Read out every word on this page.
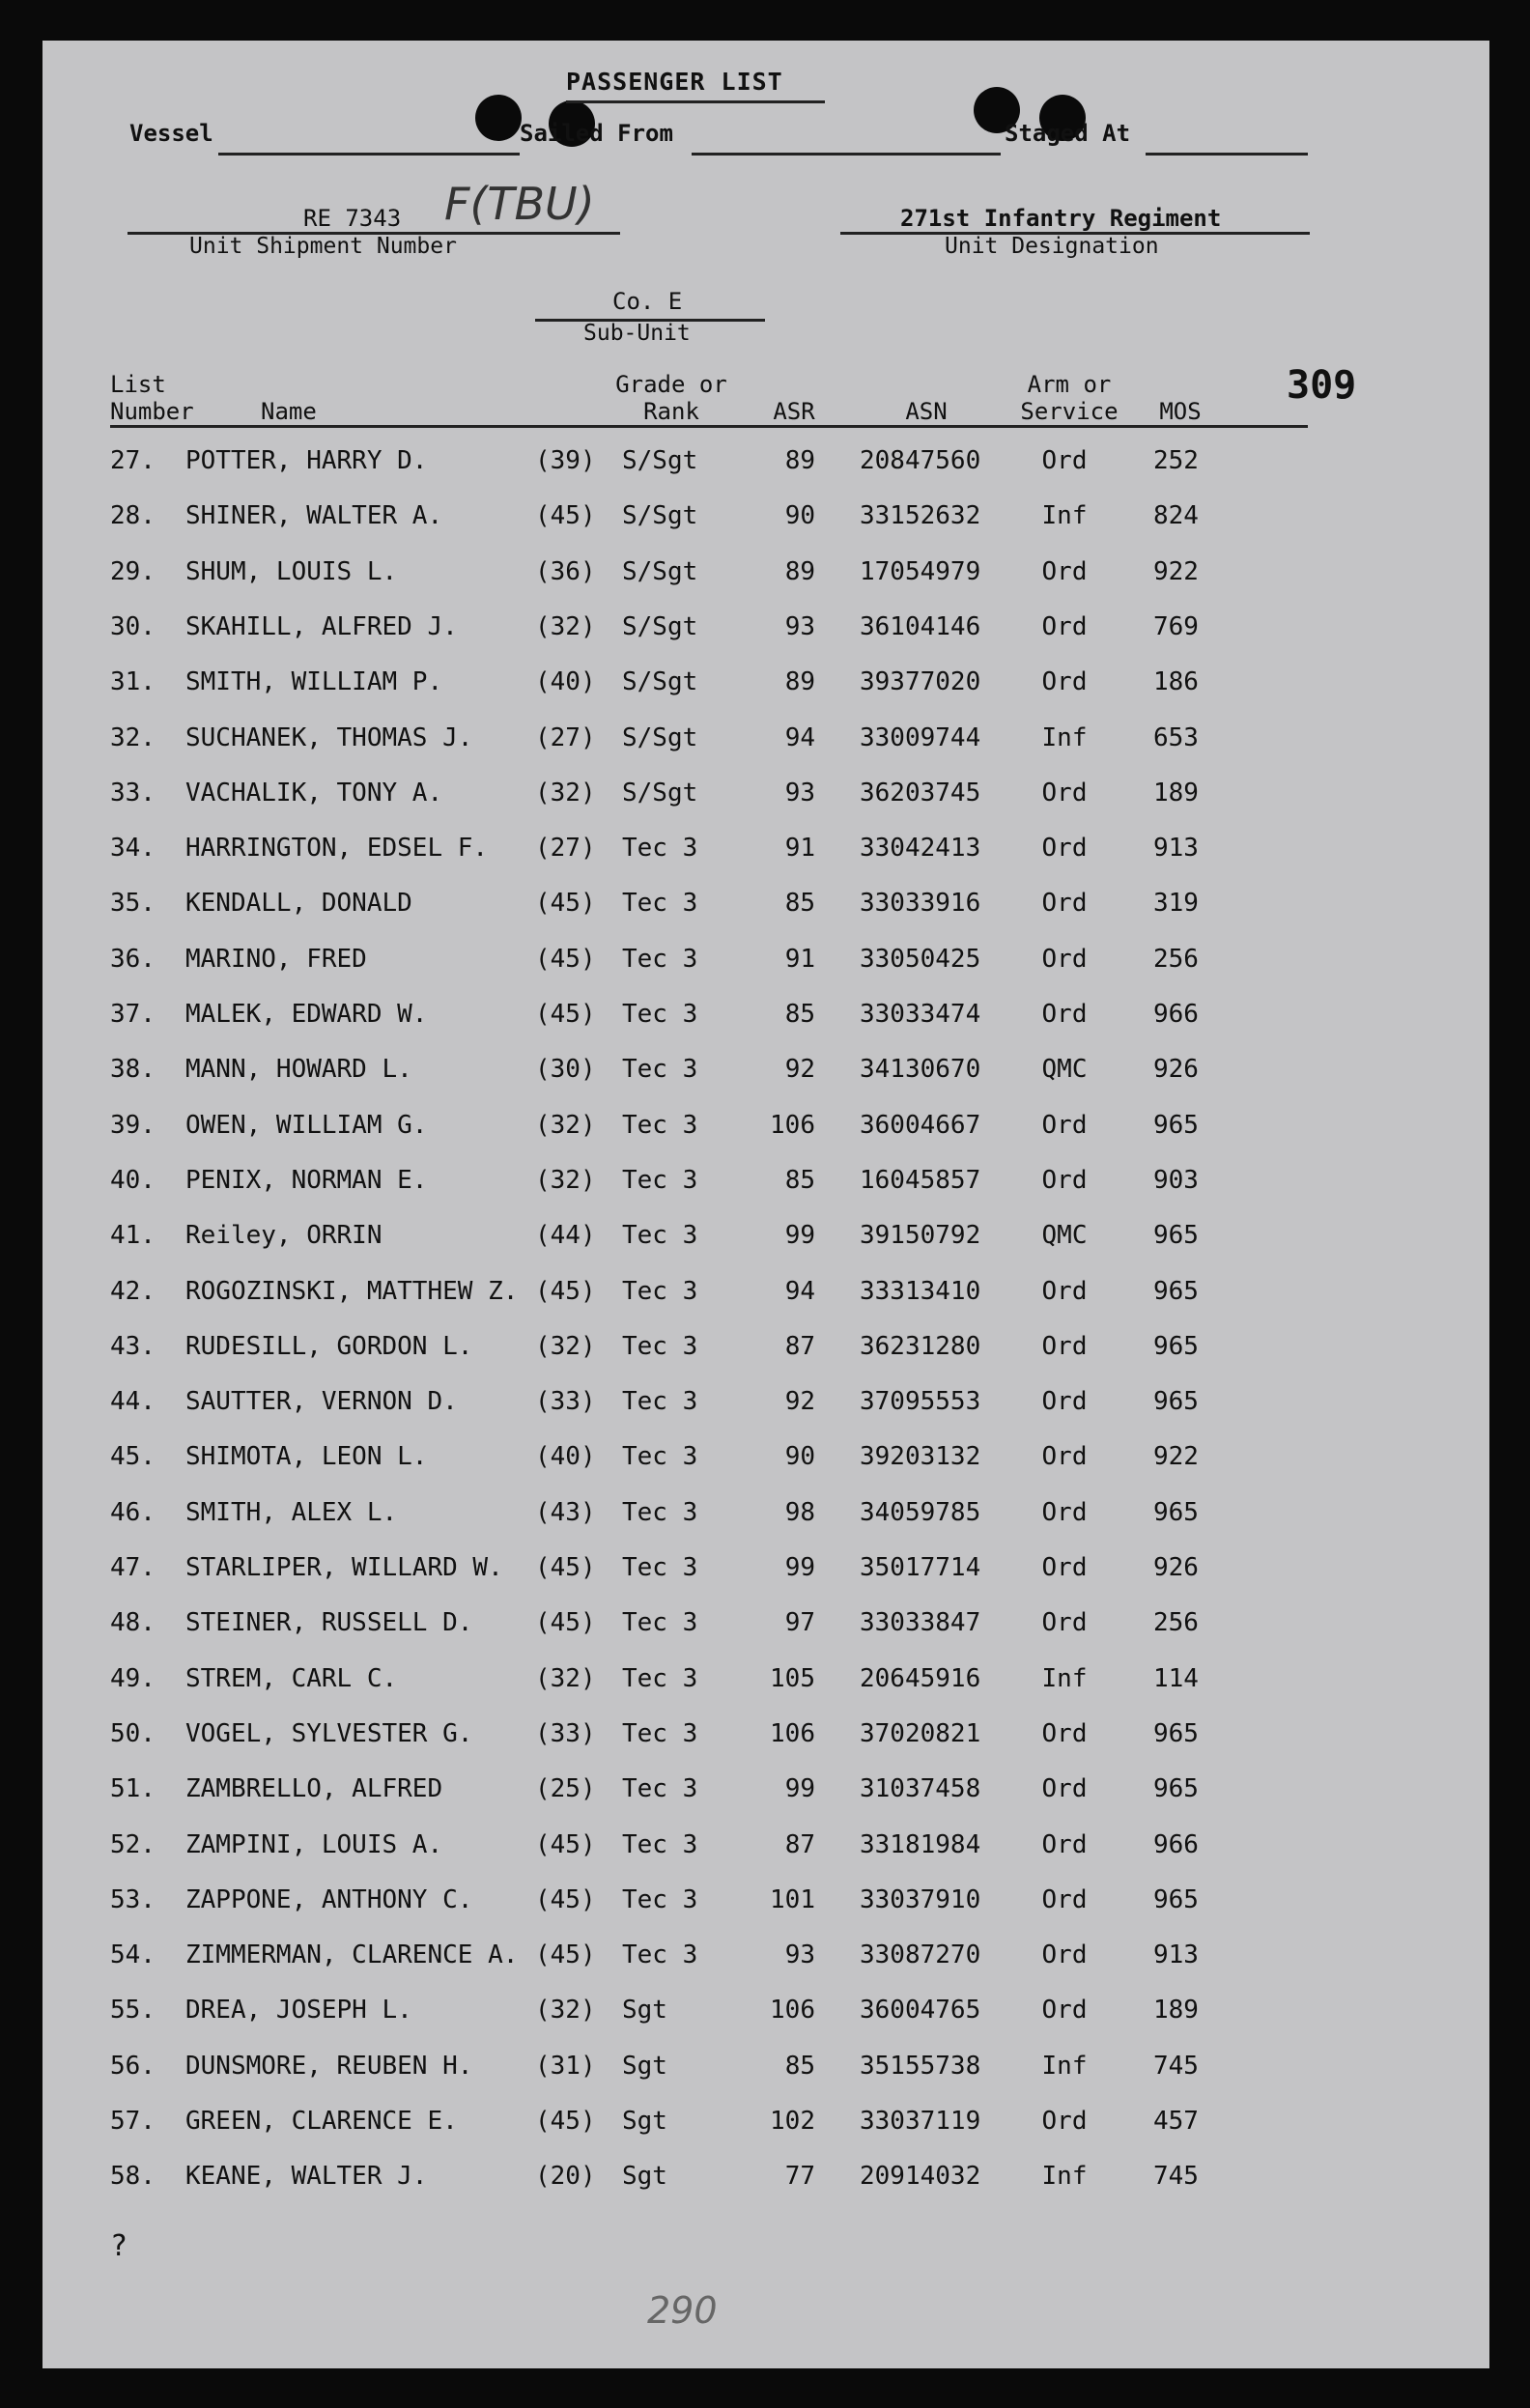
PASSENGER LIST
Vessel	Sailed From	Staged At
RE 7343 F(TBU)
Unit Shipment Number
271st Infantry Regiment
Unit Designation
Co. E
Sub-Unit
List
Number	Name
Grade or
Rank	ASR	ASN
Arm or
Service	MOS
309
27. POTTER, HARRY D.	(39) S/Sgt	89 20847560	Ord	252
28. SHINER, WALTER A.	(45) S/Sgt	90 33152632	Inf	824
29. SHUM, LOUIS L.	(36) S/Sgt	89 17054979	Ord	922
30. SKAHILL, ALFRED J.	(32) S/Sgt	93 36104146	Ord	769
31. SMITH, WILLIAM P.	(40) S/Sgt	89 39377020	Ord	186
32. SUCHANEK, THOMAS J. (27) S/Sgt	94 33009744	Inf	653
33. VACHALIK, TONY A.	(32) S/Sgt	93 36203745	Ord	189
34. HARRINGTON, EDSEL F. (27) Tec 3	91 33042413	Ord	913
35. KENDALL, DONALD	(45) Tec 3	85 33033916	Ord	319
36. MARINO, FRED	(45) Tec 3	91 33050425	Ord	256
37. MALEK, EDWARD W.	(45) Tec 3	85 33033474	Ord	966
38. MANN, HOWARD L.	(30) Tec 3	92 34130670	QMC	926
39. OWEN, WILLIAM G.	(32) Tec 3	106 36004667	Ord	965
40. PENIX, NORMAN E.	(32) Tec 3	85 16045857	Ord	903
41. Reiley, ORRIN	(44) Tec 3	99 39150792	QMC	965
42. ROGOZINSKI, MATTHEW Z. (45) Tec 3	94 33313410	Ord	965
43. RUDESILL, GORDON L. (32) Tec 3	87 36231280	Ord	965
44. SAUTTER, VERNON D.	(33) Tec 3	92 37095553	Ord	965
45. SHIMOTA, LEON L.	(40) Tec 3	90 39203132	Ord	922
46. SMITH, ALEX L.	(43) Tec 3	98 34059785	Ord	965
47. STARLIPER, WILLARD W. (45) Tec 3	99 35017714	Ord	926
48. STEINER, RUSSELL D. (45) Tec 3	97 33033847	Ord	256
49. STREM, CARL C.	(32) Tec 3	105 20645916	Inf	114
50. VOGEL, SYLVESTER G. (33) Tec 3	106 37020821	Ord	965
51. ZAMBRELLO, ALFRED	(25) Tec 3	99 31037458	Ord	965
52. ZAMPINI, LOUIS A.	(45) Tec 3	87 33181984	Ord	966
53. ZAPPONE, ANTHONY C. (45) Tec 3	101 33037910	Ord	965
54. ZIMMERMAN, CLARENCE A. (45) Tec 3	93 33087270	Ord	913
55. DREA, JOSEPH L.	(32) Sgt	106 36004765	Ord	189
56. DUNSMORE, REUBEN H. (31) Sgt	85 35155738	Inf	745
57. GREEN, CLARENCE E.	(45) Sgt	102 33037119	Ord	457
58. KEANE, WALTER J.	(20) Sgt	77 20914032	Inf	745
?
290
